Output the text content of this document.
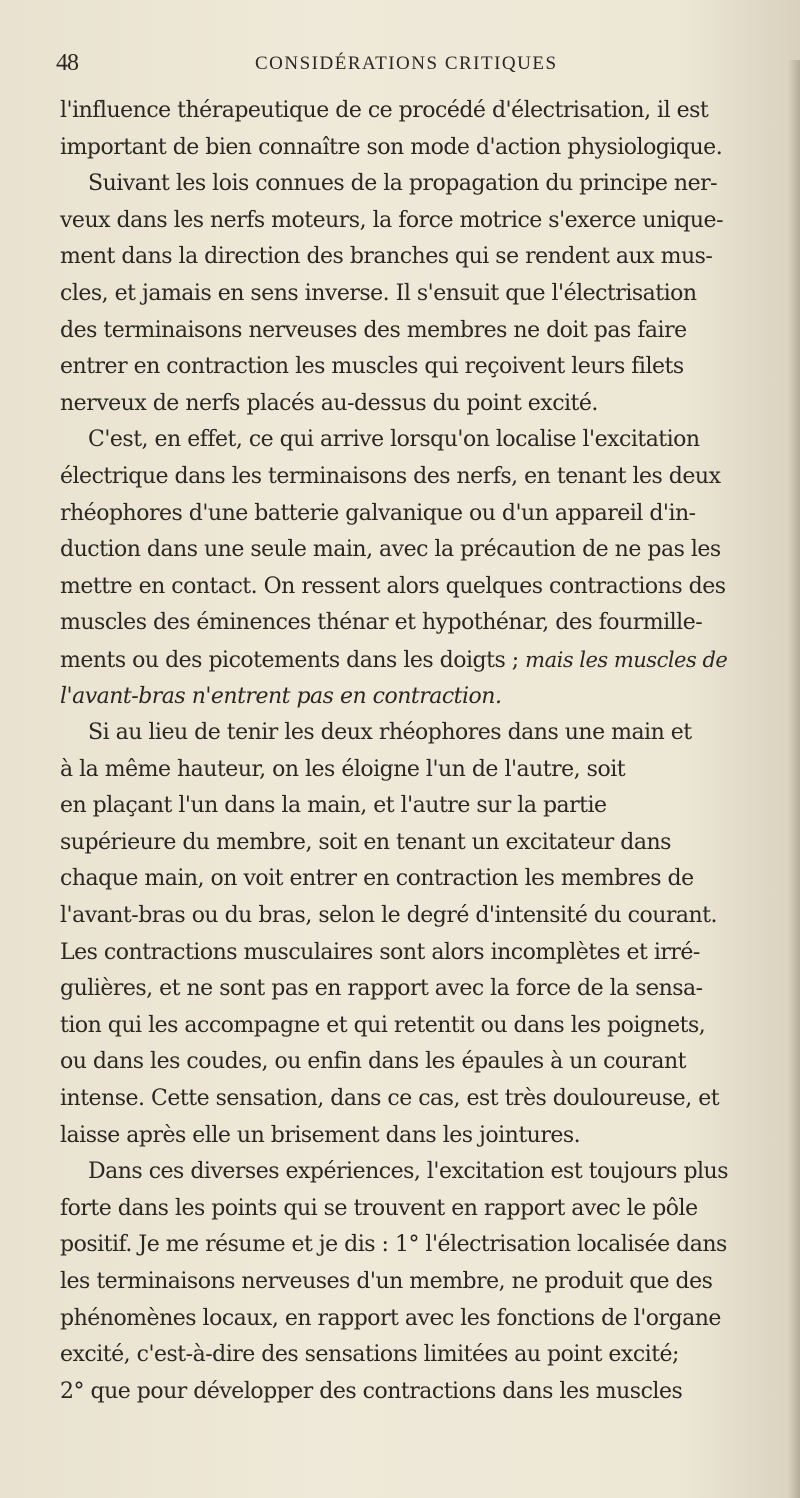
48	CONSIDÉRATIONS CRITIQUES
l'influence thérapeutique de ce procédé d'électrisation, il est
important de bien connaître son mode d'action physiologique.
Suivant les lois connues de la propagation du principe ner-
veux dans les nerfs moteurs, la force motrice s'exerce unique-
ment dans la direction des branches qui se rendent aux mus-
cles, et jamais en sens inverse. Il s'ensuit que l'électrisation
des terminaisons nerveuses des membres ne doit pas faire
entrer en contraction les muscles qui reçoivent leurs filets
nerveux de nerfs placés au-dessus du point excité.
C'est, en effet, ce qui arrive lorsqu'on localise l'excitation
électrique dans les terminaisons des nerfs, en tenant les deux
rhéophores d'une batterie galvanique ou d'un appareil d'in-
duction dans une seule main, avec la précaution de ne pas les
mettre en contact. On ressent alors quelques contractions des
muscles des éminences thénar et hypothénar, des fourmille-
ments ou des picotements dans les doigts ; mais les muscles de
l'avant-bras n'entrent pas en contraction.
Si au lieu de tenir les deux rhéophores dans une main et
à la même hauteur, on les éloigne l'un de l'autre, soit
en plaçant l'un dans la main, et l'autre sur la partie
supérieure du membre, soit en tenant un excitateur dans
chaque main, on voit entrer en contraction les membres de
l'avant-bras ou du bras, selon le degré d'intensité du courant.
Les contractions musculaires sont alors incomplètes et irré-
gulières, et ne sont pas en rapport avec la force de la sensa-
tion qui les accompagne et qui retentit ou dans les poignets,
ou dans les coudes, ou enfin dans les épaules à un courant
intense. Cette sensation, dans ce cas, est très douloureuse, et
laisse après elle un brisement dans les jointures.
Dans ces diverses expériences, l'excitation est toujours plus
forte dans les points qui se trouvent en rapport avec le pôle
positif. Je me résume et je dis : 1° l'électrisation localisée dans
les terminaisons nerveuses d'un membre, ne produit que des
phénomènes locaux, en rapport avec les fonctions de l'organe
excité, c'est-à-dire des sensations limitées au point excité;
2° que pour développer des contractions dans les muscles
